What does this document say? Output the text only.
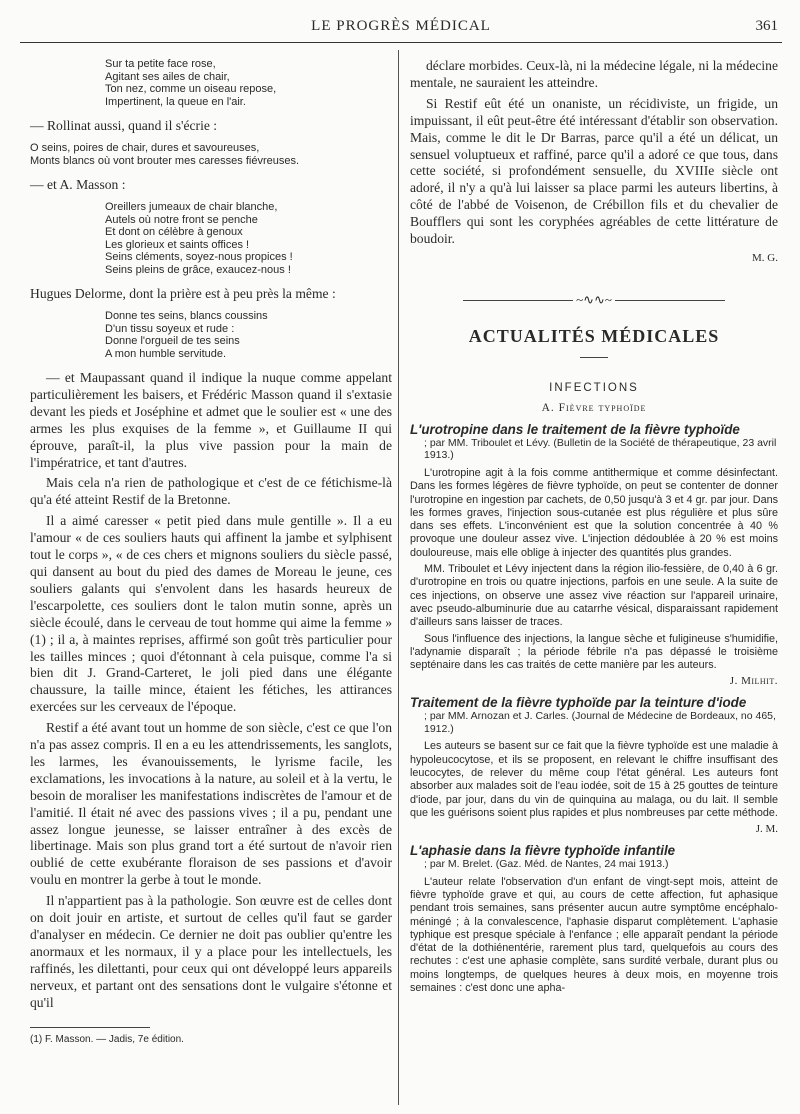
LE PROGRÈS MÉDICAL	361
Sur ta petite face rose,
Agitant ses ailes de chair,
Ton nez, comme un oiseau repose,
Impertinent, la queue en l'air.

— Rollinat aussi, quand il s'écrie :

O seins, poires de chair, dures et savoureuses,
Monts blancs où vont brouter mes caresses fiévreuses.

— et A. Masson :

Oreillers jumeaux de chair blanche,
Autels où notre front se penche
Et dont on célèbre à genoux
Les glorieux et saints offices !
Seins cléments, soyez-nous propices !
Seins pleins de grâce, exaucez-nous !

Hugues Delorme, dont la prière est à peu près la même :

Donne tes seins, blancs coussins
D'un tissu soyeux et rude :
Donne l'orgueil de tes seins
A mon humble servitude.

— et Maupassant quand il indique la nuque comme appelant particulièrement les baisers, et Frédéric Masson quand il s'extasie devant les pieds et Joséphine et admet que le soulier est « une des armes les plus exquises de la femme », et Guillaume II qui éprouve, paraît-il, la plus vive passion pour la main de l'impératrice, et tant d'autres.

Mais cela n'a rien de pathologique et c'est de ce fétichisme-là qu'a été atteint Restif de la Bretonne.

Il a aimé caresser « petit pied dans mule gentille ». Il a eu l'amour « de ces souliers hauts qui affinent la jambe et sylphisent tout le corps », « de ces chers et mignons souliers du siècle passé, qui dansent au bout du pied des dames de Moreau le jeune, ces souliers galants qui s'envolent dans les hasards heureux de l'escarpolette, ces souliers dont le talon mutin sonne, après un siècle écoulé, dans le cerveau de tout homme qui aime la femme » (1) ; il a, à maintes reprises, affirmé son goût très particulier pour les tailles minces ; quoi d'étonnant à cela puisque, comme l'a si bien dit J. Grand-Carteret, le joli pied dans une élégante chaussure, la taille mince, étaient les fétiches, les attirances exercées sur les cerveaux de l'époque.

Restif a été avant tout un homme de son siècle, c'est ce que l'on n'a pas assez compris. Il en a eu les attendrissements, les sanglots, les larmes, les évanouissements, le lyrisme facile, les exclamations, les invocations à la nature, au soleil et à la vertu, le besoin de moraliser les manifestations indiscrètes de l'amour et de l'amitié. Il était né avec des passions vives ; il a pu, pendant une assez longue jeunesse, se laisser entraîner à des excès de libertinage. Mais son plus grand tort a été surtout de n'avoir rien oublié de cette exubérante floraison de ses passions et d'avoir voulu en montrer la gerbe à tout le monde.

Il n'appartient pas à la pathologie. Son œuvre est de celles dont on doit jouir en artiste, et surtout de celles qu'il faut se garder d'analyser en médecin. Ce dernier ne doit pas oublier qu'entre les anormaux et les normaux, il y a place pour les intellectuels, les raffinés, les dilettanti, pour ceux qui ont développé leurs appareils nerveux, et partant ont des sensations dont le vulgaire s'étonne et qu'il

(1) F. Masson. — Jadis, 7e édition.

déclare morbides. Ceux-là, ni la médecine légale, ni la médecine mentale, ne sauraient les atteindre.

Si Restif eût été un onaniste, un récidiviste, un frigide, un impuissant, il eût peut-être été intéressant d'établir son observation. Mais, comme le dit le Dr Barras, parce qu'il a été un délicat, un sensuel voluptueux et raffiné, parce qu'il a adoré ce que tous, dans cette société, si profondément sensuelle, du XVIIIe siècle ont adoré, il n'y a qu'à lui laisser sa place parmi les auteurs libertins, à côté de l'abbé de Voisenon, de Crébillon fils et du chevalier de Boufflers qui sont les coryphées agréables de cette littérature de boudoir.

M. G.
~∿∿~
ACTUALITÉS MÉDICALES
INFECTIONS
A. Fièvre typhoïde
L'urotropine dans le traitement de la fièvre typhoïde
; par MM. Triboulet et Lévy. (Bulletin de la Société de thérapeutique, 23 avril 1913.)

L'urotropine agit à la fois comme antithermique et comme désinfectant. Dans les formes légères de fièvre typhoïde, on peut se contenter de donner l'urotropine en ingestion par cachets, de 0,50 jusqu'à 3 et 4 gr. par jour. Dans les formes graves, l'injection sous-cutanée est plus régulière et plus sûre dans ses effets. L'inconvénient est que la solution concentrée à 40 % provoque une douleur assez vive. L'injection dédoublée à 20 % est moins douloureuse, mais elle oblige à injecter des quantités plus grandes.

MM. Triboulet et Lévy injectent dans la région ilio-fessière, de 0,40 à 6 gr. d'urotropine en trois ou quatre injections, parfois en une seule. A la suite de ces injections, on observe une assez vive réaction sur l'appareil urinaire, avec pseudo-albuminurie due au catarrhe vésical, disparaissant rapidement d'ailleurs sans laisser de traces.

Sous l'influence des injections, la langue sèche et fuligineuse s'humidifie, l'adynamie disparaît ; la période fébrile n'a pas dépassé le troisième septénaire dans les cas traités de cette manière par les auteurs.

J. Milhit.
Traitement de la fièvre typhoïde par la teinture d'iode
; par MM. Arnozan et J. Carles. (Journal de Médecine de Bordeaux, no 465, 1912.)

Les auteurs se basent sur ce fait que la fièvre typhoïde est une maladie à hypoleucocytose, et ils se proposent, en relevant le chiffre insuffisant des leucocytes, de relever du même coup l'état général. Les auteurs font absorber aux malades soit de l'eau iodée, soit de 15 à 25 gouttes de teinture d'iode, par jour, dans du vin de quinquina au malaga, ou du lait. Il semble que les guérisons soient plus rapides et plus nombreuses par cette méthode.

J. M.
L'aphasie dans la fièvre typhoïde infantile
; par M. Brelet. (Gaz. Méd. de Nantes, 24 mai 1913.)

L'auteur relate l'observation d'un enfant de vingt-sept mois, atteint de fièvre typhoïde grave et qui, au cours de cette affection, fut aphasique pendant trois semaines, sans présenter aucun autre symptôme encéphalo-méningé ; à la convalescence, l'aphasie disparut complètement. L'aphasie typhique est presque spéciale à l'enfance ; elle apparaît pendant la période d'état de la dothiénentérie, rarement plus tard, quelquefois au cours des rechutes : c'est une aphasie complète, sans surdité verbale, durant plus ou moins longtemps, de quelques heures à deux mois, en moyenne trois semaines : c'est donc une apha-
